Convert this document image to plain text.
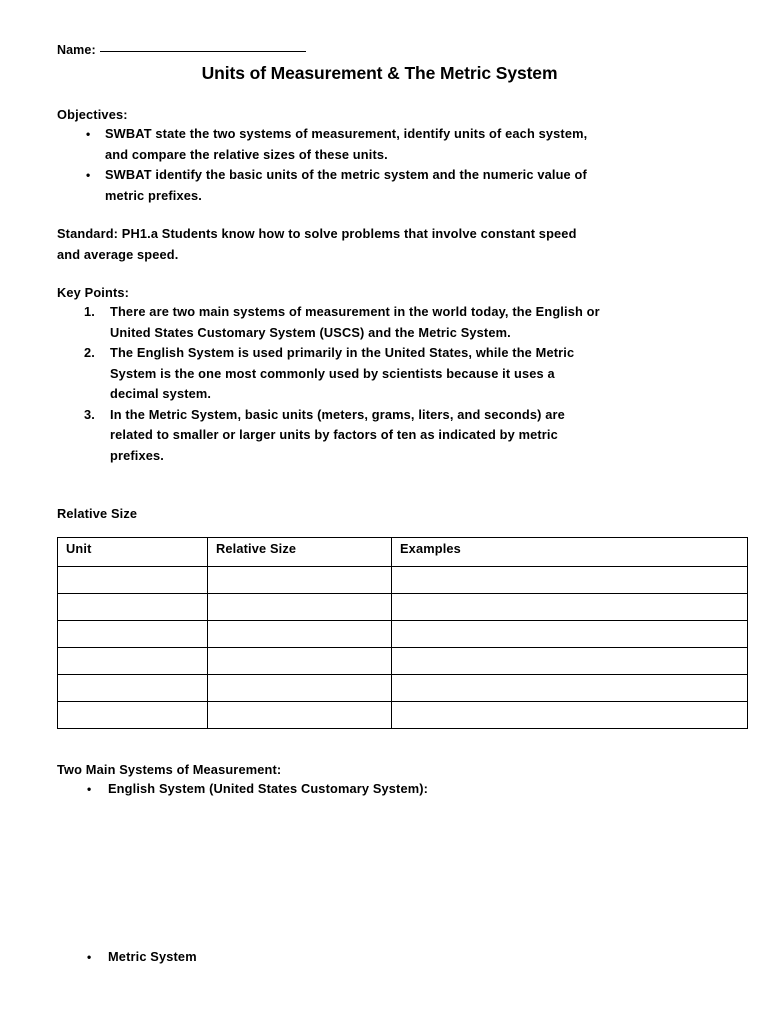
Name:
Units of Measurement & The Metric System
Objectives:
• SWBAT state the two systems of measurement, identify units of each system,
and compare the relative sizes of these units.
• SWBAT identify the basic units of the metric system and the numeric value of
metric prefixes.
Standard: PH1.a Students know how to solve problems that involve constant speed
and average speed.
Key Points:
1.	There are two main systems of measurement in the world today, the English or
United States Customary System (USCS) and the Metric System.
2.	The English System is used primarily in the United States, while the Metric
System is the one most commonly used by scientists because it uses a
decimal system.
3.	In the Metric System, basic units (meters, grams, liters, and seconds) are
related to smaller or larger units by factors of ten as indicated by metric
prefixes.
Relative Size
Unit	Relative Size	Examples

Two Main Systems of Measurement:
• English System (United States Customary System):
• Metric System
